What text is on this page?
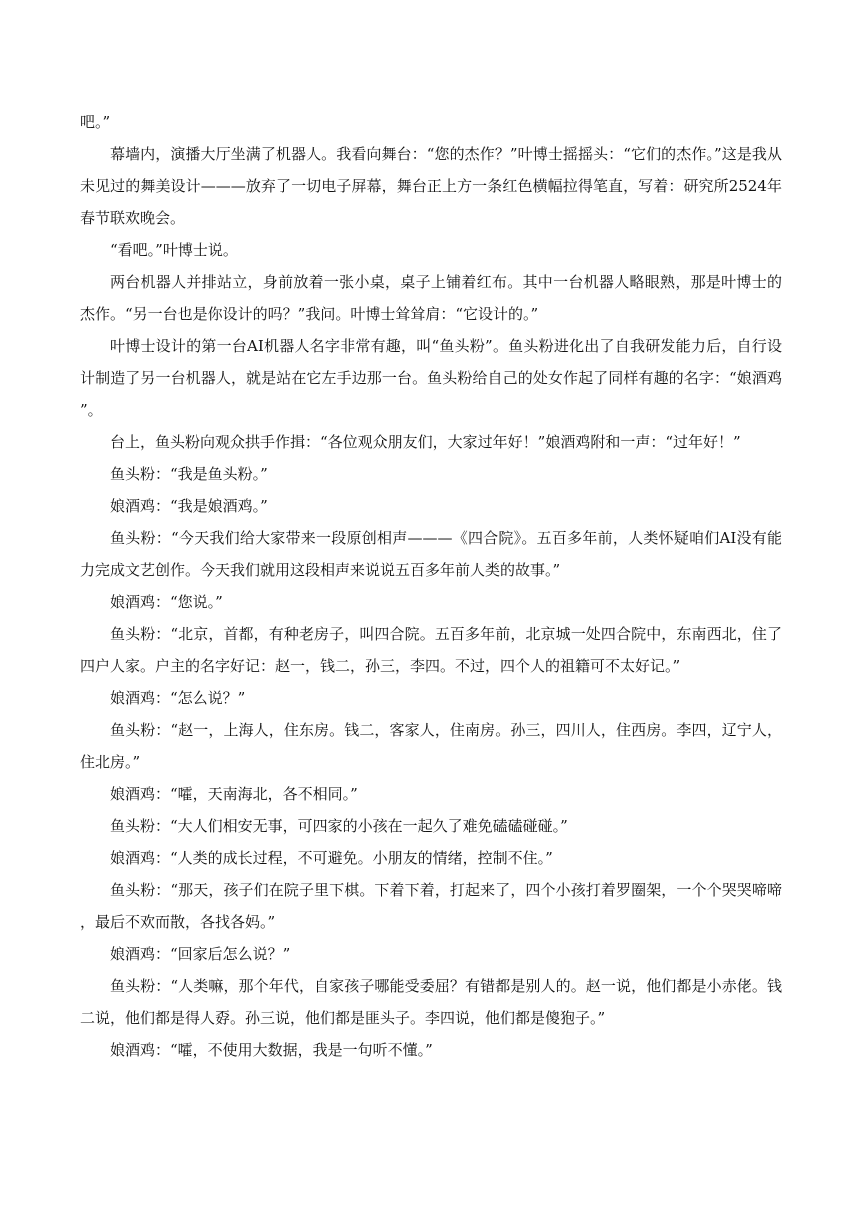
吧。”

幕墙内，演播大厅坐满了机器人。我看向舞台：“您的杰作？”叶博士摇摇头：“它们的杰作。”这是我从未见过的舞美设计———放弃了一切电子屏幕，舞台正上方一条红色横幅拉得笔直，写着：研究所2524年春节联欢晚会。

“看吧。”叶博士说。

两台机器人并排站立，身前放着一张小桌，桌子上铺着红布。其中一台机器人略眼熟，那是叶博士的杰作。“另一台也是你设计的吗？”我问。叶博士耸耸肩：“它设计的。”

叶博士设计的第一台AI机器人名字非常有趣，叫“鱼头粉”。鱼头粉进化出了自我研发能力后，自行设计制造了另一台机器人，就是站在它左手边那一台。鱼头粉给自己的处女作起了同样有趣的名字：“娘酒鸡”。

台上，鱼头粉向观众拱手作揖：“各位观众朋友们，大家过年好！”娘酒鸡附和一声：“过年好！”

鱼头粉：“我是鱼头粉。”

娘酒鸡：“我是娘酒鸡。”

鱼头粉：“今天我们给大家带来一段原创相声———《四合院》。五百多年前，人类怀疑咱们AI没有能力完成文艺创作。今天我们就用这段相声来说说五百多年前人类的故事。”

娘酒鸡：“您说。”

鱼头粉：“北京，首都，有种老房子，叫四合院。五百多年前，北京城一处四合院中，东南西北，住了四户人家。户主的名字好记：赵一，钱二，孙三，李四。不过，四个人的祖籍可不太好记。”

娘酒鸡：“怎么说？”

鱼头粉：“赵一，上海人，住东房。钱二，客家人，住南房。孙三，四川人，住西房。李四，辽宁人，住北房。”

娘酒鸡：“嚯，天南海北，各不相同。”

鱼头粉：“大人们相安无事，可四家的小孩在一起久了难免磕磕碰碰。”

娘酒鸡：“人类的成长过程，不可避免。小朋友的情绪，控制不住。”

鱼头粉：“那天，孩子们在院子里下棋。下着下着，打起来了，四个小孩打着罗圈架，一个个哭哭啼啼，最后不欢而散，各找各妈。”

娘酒鸡：“回家后怎么说？”

鱼头粉：“人类嘛，那个年代，自家孩子哪能受委屈？有错都是别人的。赵一说，他们都是小赤佬。钱二说，他们都是得人孬。孙三说，他们都是匪头子。李四说，他们都是傻狍子。”

娘酒鸡：“嚯，不使用大数据，我是一句听不懂。”
